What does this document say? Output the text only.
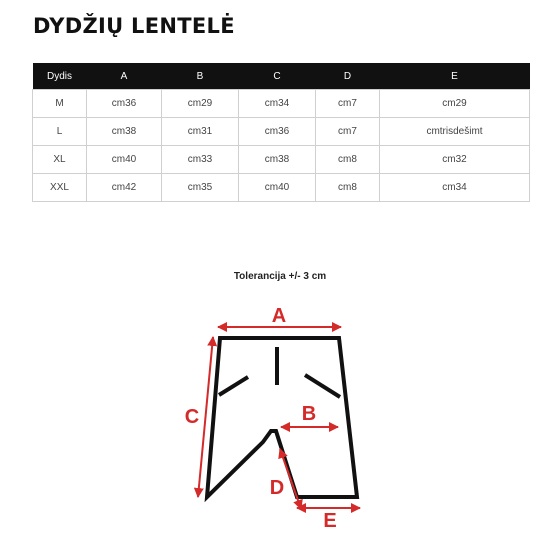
DYDŽIŲ LENTELĖ
Dydis	A	B	C	D	E
M	cm36	cm29	cm34	cm7	cm29
L	cm38	cm31	cm36	cm7	cmtrisdešimt
XL	cm40	cm33	cm38	cm8	cm32
XXL	cm42	cm35	cm40	cm8	cm34
Tolerancija +/- 3 cm
A
B
C
D
E
